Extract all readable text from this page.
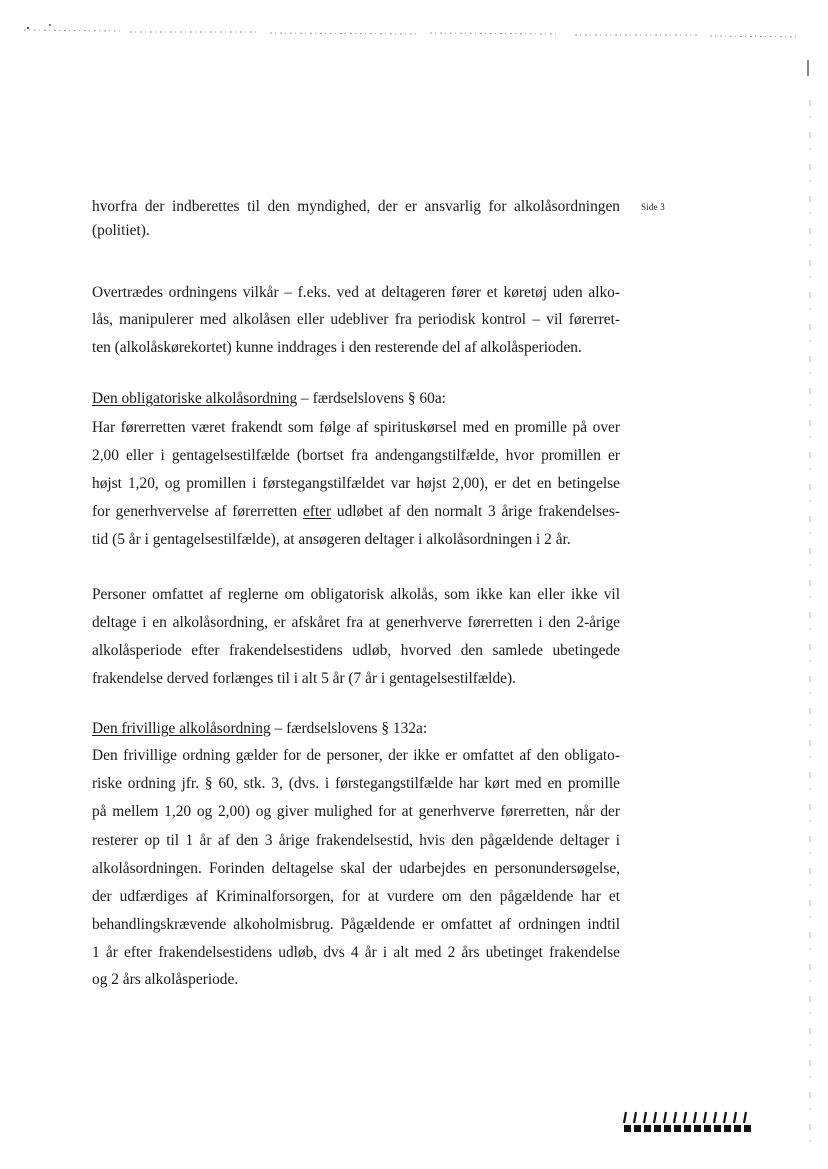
Side 3
hvorfra der indberettes til den myndighed, der er ansvarlig for alkolåsordningen
(politiet).
Overtrædes ordningens vilkår – f.eks. ved at deltageren fører et køretøj uden alko-
lås, manipulerer med alkolåsen eller udebliver fra periodisk kontrol – vil førerret-
ten (alkolåskørekortet) kunne inddrages i den resterende del af alkolåsperioden.
Den obligatoriske alkolåsordning – færdselslovens § 60a:
Har førerretten været frakendt som følge af spirituskørsel med en promille på over
2,00 eller i gentagelsestilfælde (bortset fra andengangstilfælde, hvor promillen er
højst 1,20, og promillen i førstegangstilfældet var højst 2,00), er det en betingelse
for generhvervelse af førerretten efter udløbet af den normalt 3 årige frakendelses-
tid (5 år i gentagelsestilfælde), at ansøgeren deltager i alkolåsordningen i 2 år.
Personer omfattet af reglerne om obligatorisk alkolås, som ikke kan eller ikke vil
deltage i en alkolåsordning, er afskåret fra at generhverve førerretten i den 2-årige
alkolåsperiode efter frakendelsestidens udløb, hvorved den samlede ubetingede
frakendelse derved forlænges til i alt 5 år (7 år i gentagelsestilfælde).
Den frivillige alkolåsordning – færdselslovens § 132a:
Den frivillige ordning gælder for de personer, der ikke er omfattet af den obligato-
riske ordning jfr. § 60, stk. 3, (dvs. i førstegangstilfælde har kørt med en promille
på mellem 1,20 og 2,00) og giver mulighed for at generhverve førerretten, når der
resterer op til 1 år af den 3 årige frakendelsestid, hvis den pågældende deltager i
alkolåsordningen. Forinden deltagelse skal der udarbejdes en personundersøgelse,
der udfærdiges af Kriminalforsorgen, for at vurdere om den pågældende har et
behandlingskrævende alkoholmisbrug. Pågældende er omfattet af ordningen indtil
1 år efter frakendelsestidens udløb, dvs 4 år i alt med 2 års ubetinget frakendelse
og 2 års alkolåsperiode.
